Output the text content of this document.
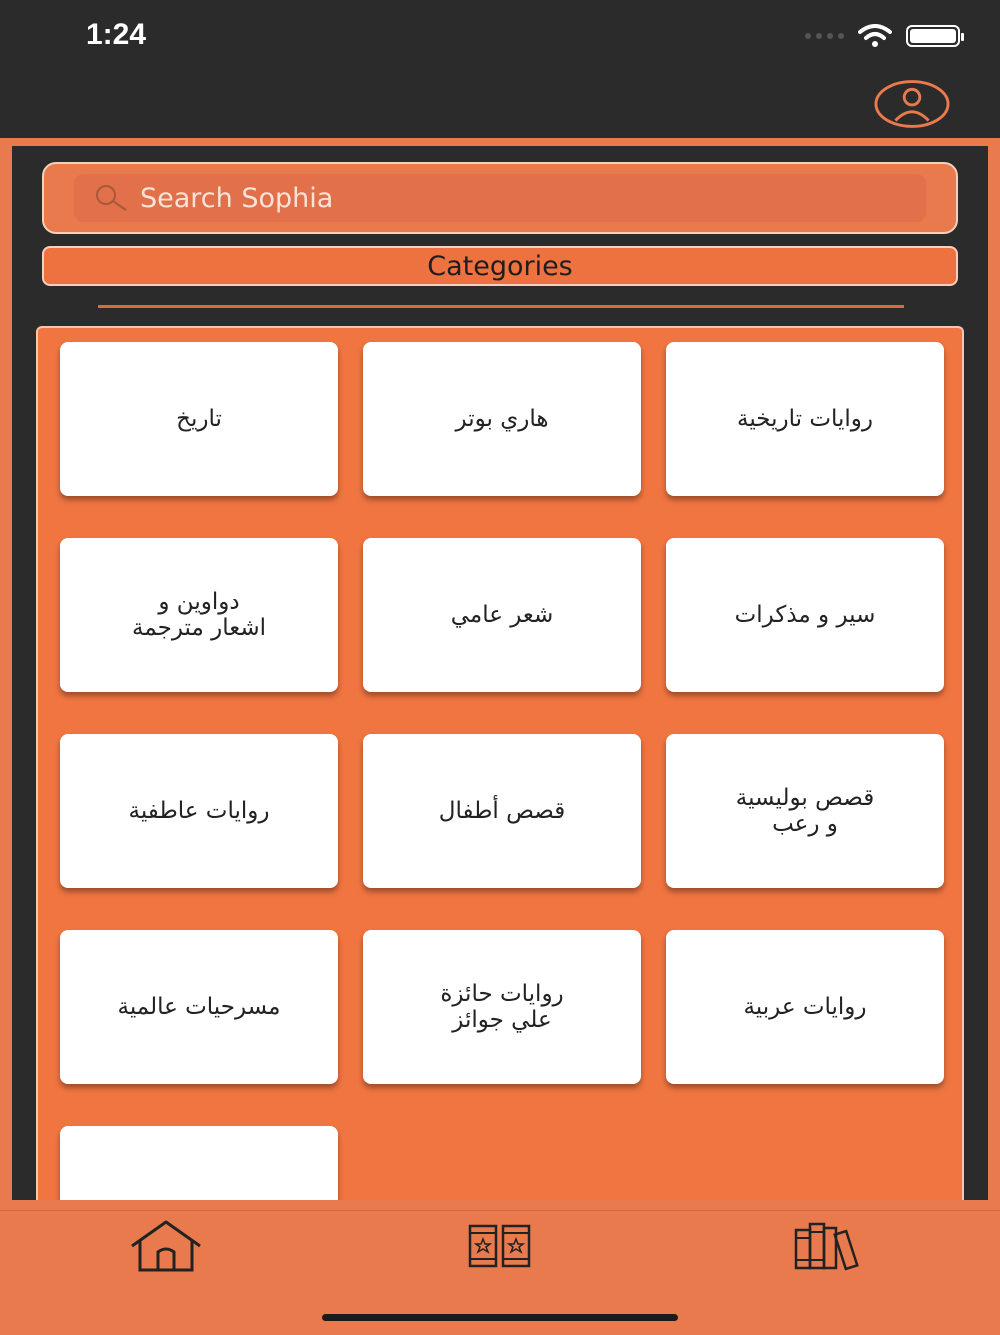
1:24
Search Sophia
Categories
روايات تاريخية
هاري بوتر
تاريخ
سير و مذكرات
شعر عامي
دواوين و
اشعار مترجمة
قصص بوليسية
و رعب
قصص أطفال
روايات عاطفية
روايات عربية
روايات حائزة
علي جوائز
مسرحيات عالمية
